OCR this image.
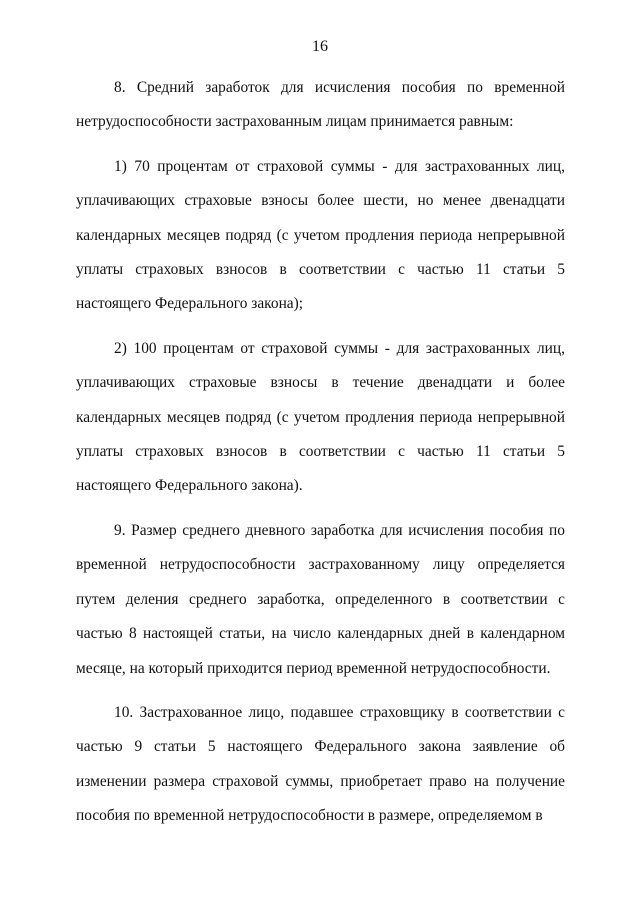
16

8. Средний заработок для исчисления пособия по временной нетрудоспособности застрахованным лицам принимается равным:

1) 70 процентам от страховой суммы - для застрахованных лиц, уплачивающих страховые взносы более шести, но менее двенадцати календарных месяцев подряд (с учетом продления периода непрерывной уплаты страховых взносов в соответствии с частью 11 статьи 5 настоящего Федерального закона);

2) 100 процентам от страховой суммы - для застрахованных лиц, уплачивающих страховые взносы в течение двенадцати и более календарных месяцев подряд (с учетом продления периода непрерывной уплаты страховых взносов в соответствии с частью 11 статьи 5 настоящего Федерального закона).

9. Размер среднего дневного заработка для исчисления пособия по временной нетрудоспособности застрахованному лицу определяется путем деления среднего заработка, определенного в соответствии с частью 8 настоящей статьи, на число календарных дней в календарном месяце, на который приходится период временной нетрудоспособности.

10. Застрахованное лицо, подавшее страховщику в соответствии с частью 9 статьи 5 настоящего Федерального закона заявление об изменении размера страховой суммы, приобретает право на получение пособия по временной нетрудоспособности в размере, определяемом в
